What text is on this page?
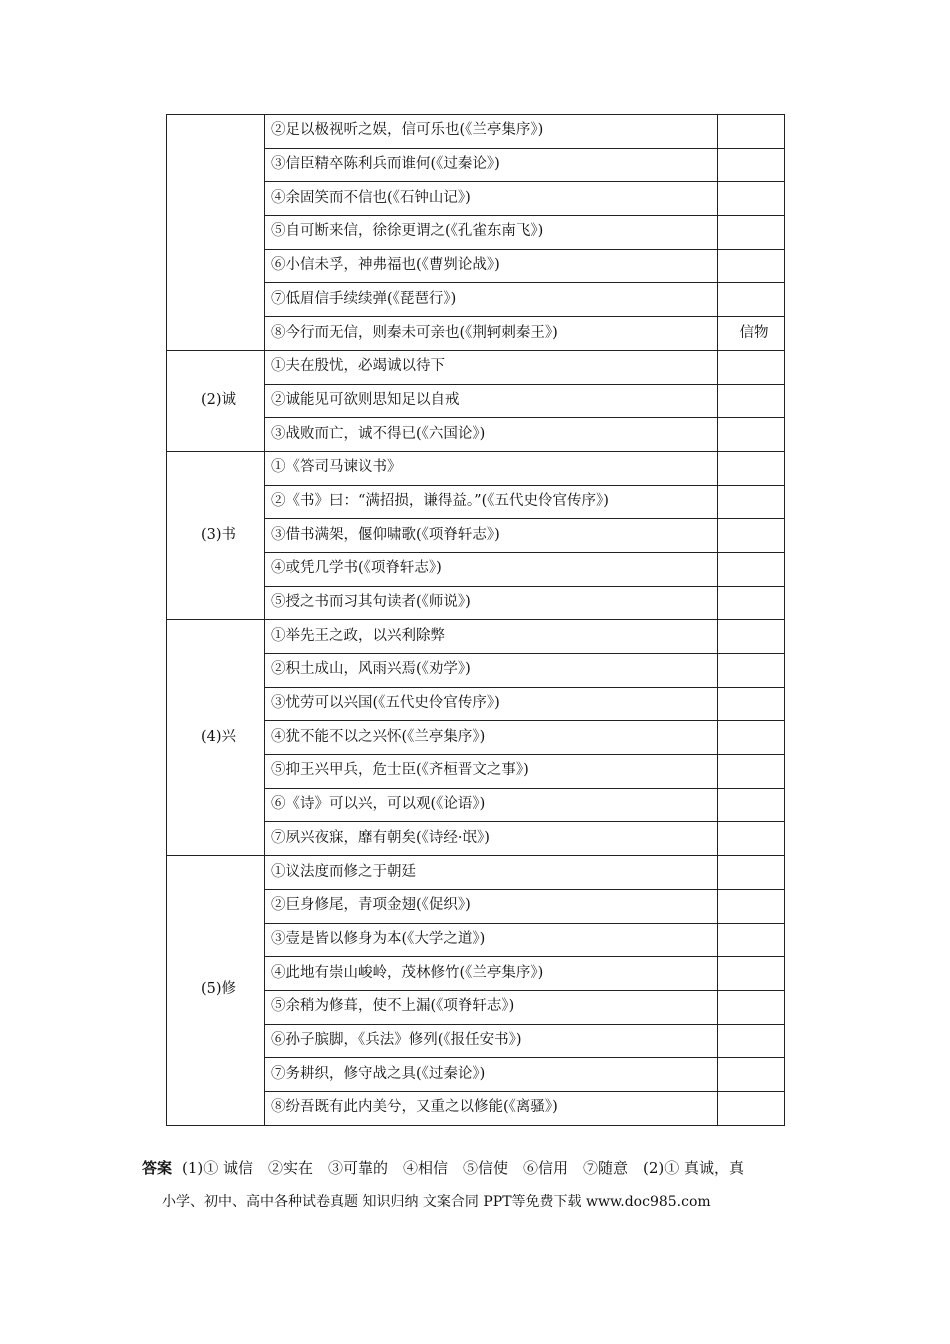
	②足以极视听之娱，信可乐也(《兰亭集序》)	
	③信臣精卒陈利兵而谁何(《过秦论》)	
	④余固笑而不信也(《石钟山记》)	
	⑤自可断来信，徐徐更谓之(《孔雀东南飞》)	
	⑥小信未孚，神弗福也(《曹刿论战》)	
	⑦低眉信手续续弹(《琵琶行》)	
	⑧今行而无信，则秦未可亲也(《荆轲刺秦王》)	信物
(2)诚	①夫在殷忧，必竭诚以待下	
	②诚能见可欲则思知足以自戒	
	③战败而亡，诚不得已(《六国论》)	
(3)书	①《答司马谏议书》	
	②《书》曰：“满招损，谦得益。”(《五代史伶官传序》)	
	③借书满架，偃仰啸歌(《项脊轩志》)	
	④或凭几学书(《项脊轩志》)	
	⑤授之书而习其句读者(《师说》)	
(4)兴	①举先王之政，以兴利除弊	
	②积土成山，风雨兴焉(《劝学》)	
	③忧劳可以兴国(《五代史伶官传序》)	
	④犹不能不以之兴怀(《兰亭集序》)	
	⑤抑王兴甲兵，危士臣(《齐桓晋文之事》)	
	⑥《诗》可以兴，可以观(《论语》)	
	⑦夙兴夜寐，靡有朝矣(《诗经·氓》)	
(5)修	①议法度而修之于朝廷	
	②巨身修尾，青项金翅(《促织》)	
	③壹是皆以修身为本(《大学之道》)	
	④此地有崇山峻岭，茂林修竹(《兰亭集序》)	
	⑤余稍为修葺，使不上漏(《项脊轩志》)	
	⑥孙子膑脚，《兵法》修列(《报任安书》)	
	⑦务耕织，修守战之具(《过秦论》)	
	⑧纷吾既有此内美兮，又重之以修能(《离骚》)	
答案 (1)① 诚信　②实在　③可靠的　④相信　⑤信使　⑥信用　⑦随意　(2)① 真诚，真
小学、初中、高中各种试卷真题 知识归纳 文案合同 PPT等免费下载 www.doc985.com
